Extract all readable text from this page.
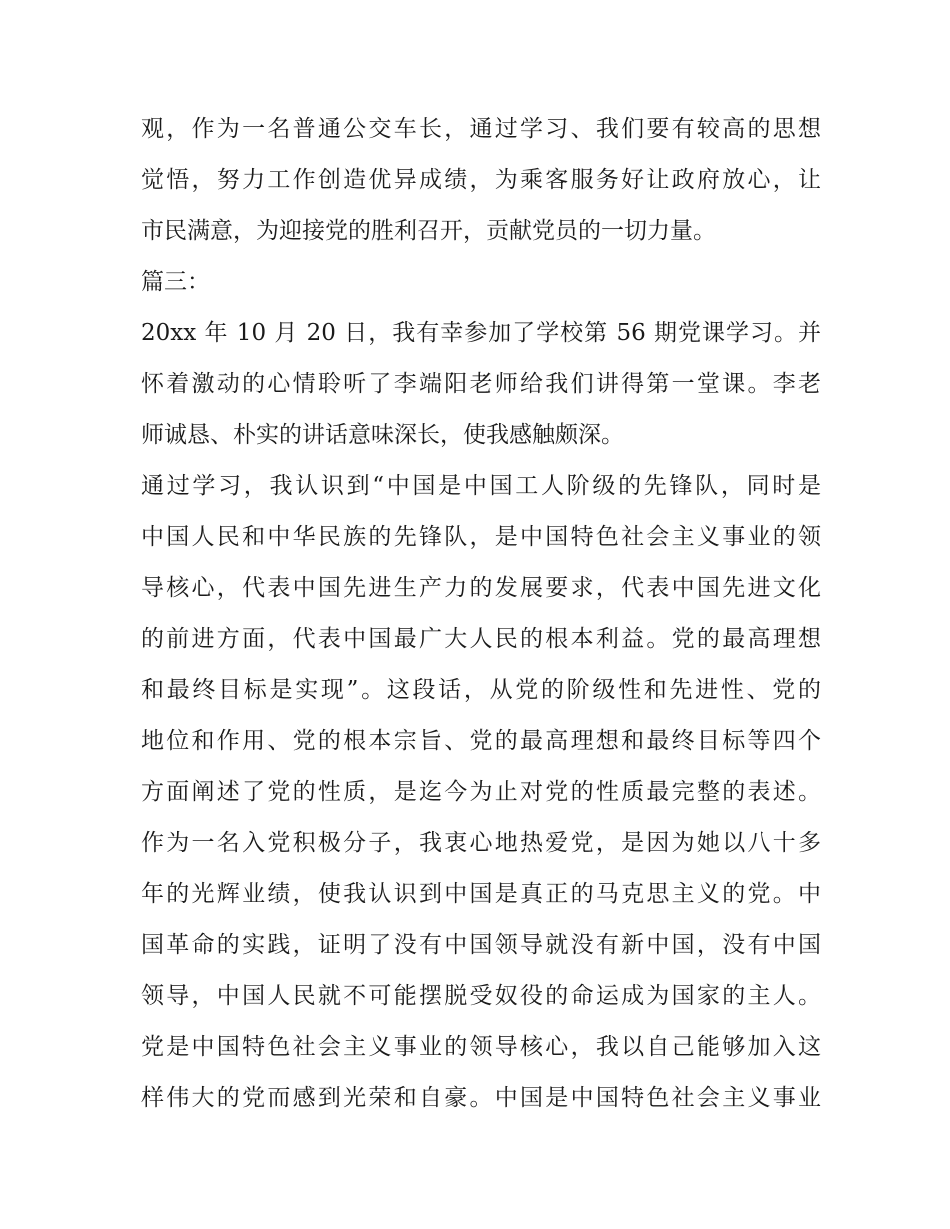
观，作为一名普通公交车长，通过学习、我们要有较高的思想
觉悟，努力工作创造优异成绩，为乘客服务好让政府放心，让
市民满意，为迎接党的胜利召开，贡献党员的一切力量。
篇三：
20xx 年 10 月 20 日，我有幸参加了学校第 56 期党课学习。并
怀着激动的心情聆听了李端阳老师给我们讲得第一堂课。李老
师诚恳、朴实的讲话意味深长，使我感触颇深。
通过学习，我认识到“中国是中国工人阶级的先锋队，同时是
中国人民和中华民族的先锋队，是中国特色社会主义事业的领
导核心，代表中国先进生产力的发展要求，代表中国先进文化
的前进方面，代表中国最广大人民的根本利益。党的最高理想
和最终目标是实现”。这段话，从党的阶级性和先进性、党的
地位和作用、党的根本宗旨、党的最高理想和最终目标等四个
方面阐述了党的性质，是迄今为止对党的性质最完整的表述。
作为一名入党积极分子，我衷心地热爱党，是因为她以八十多
年的光辉业绩，使我认识到中国是真正的马克思主义的党。中
国革命的实践，证明了没有中国领导就没有新中国，没有中国
领导，中国人民就不可能摆脱受奴役的命运成为国家的主人。
党是中国特色社会主义事业的领导核心，我以自己能够加入这
样伟大的党而感到光荣和自豪。中国是中国特色社会主义事业
